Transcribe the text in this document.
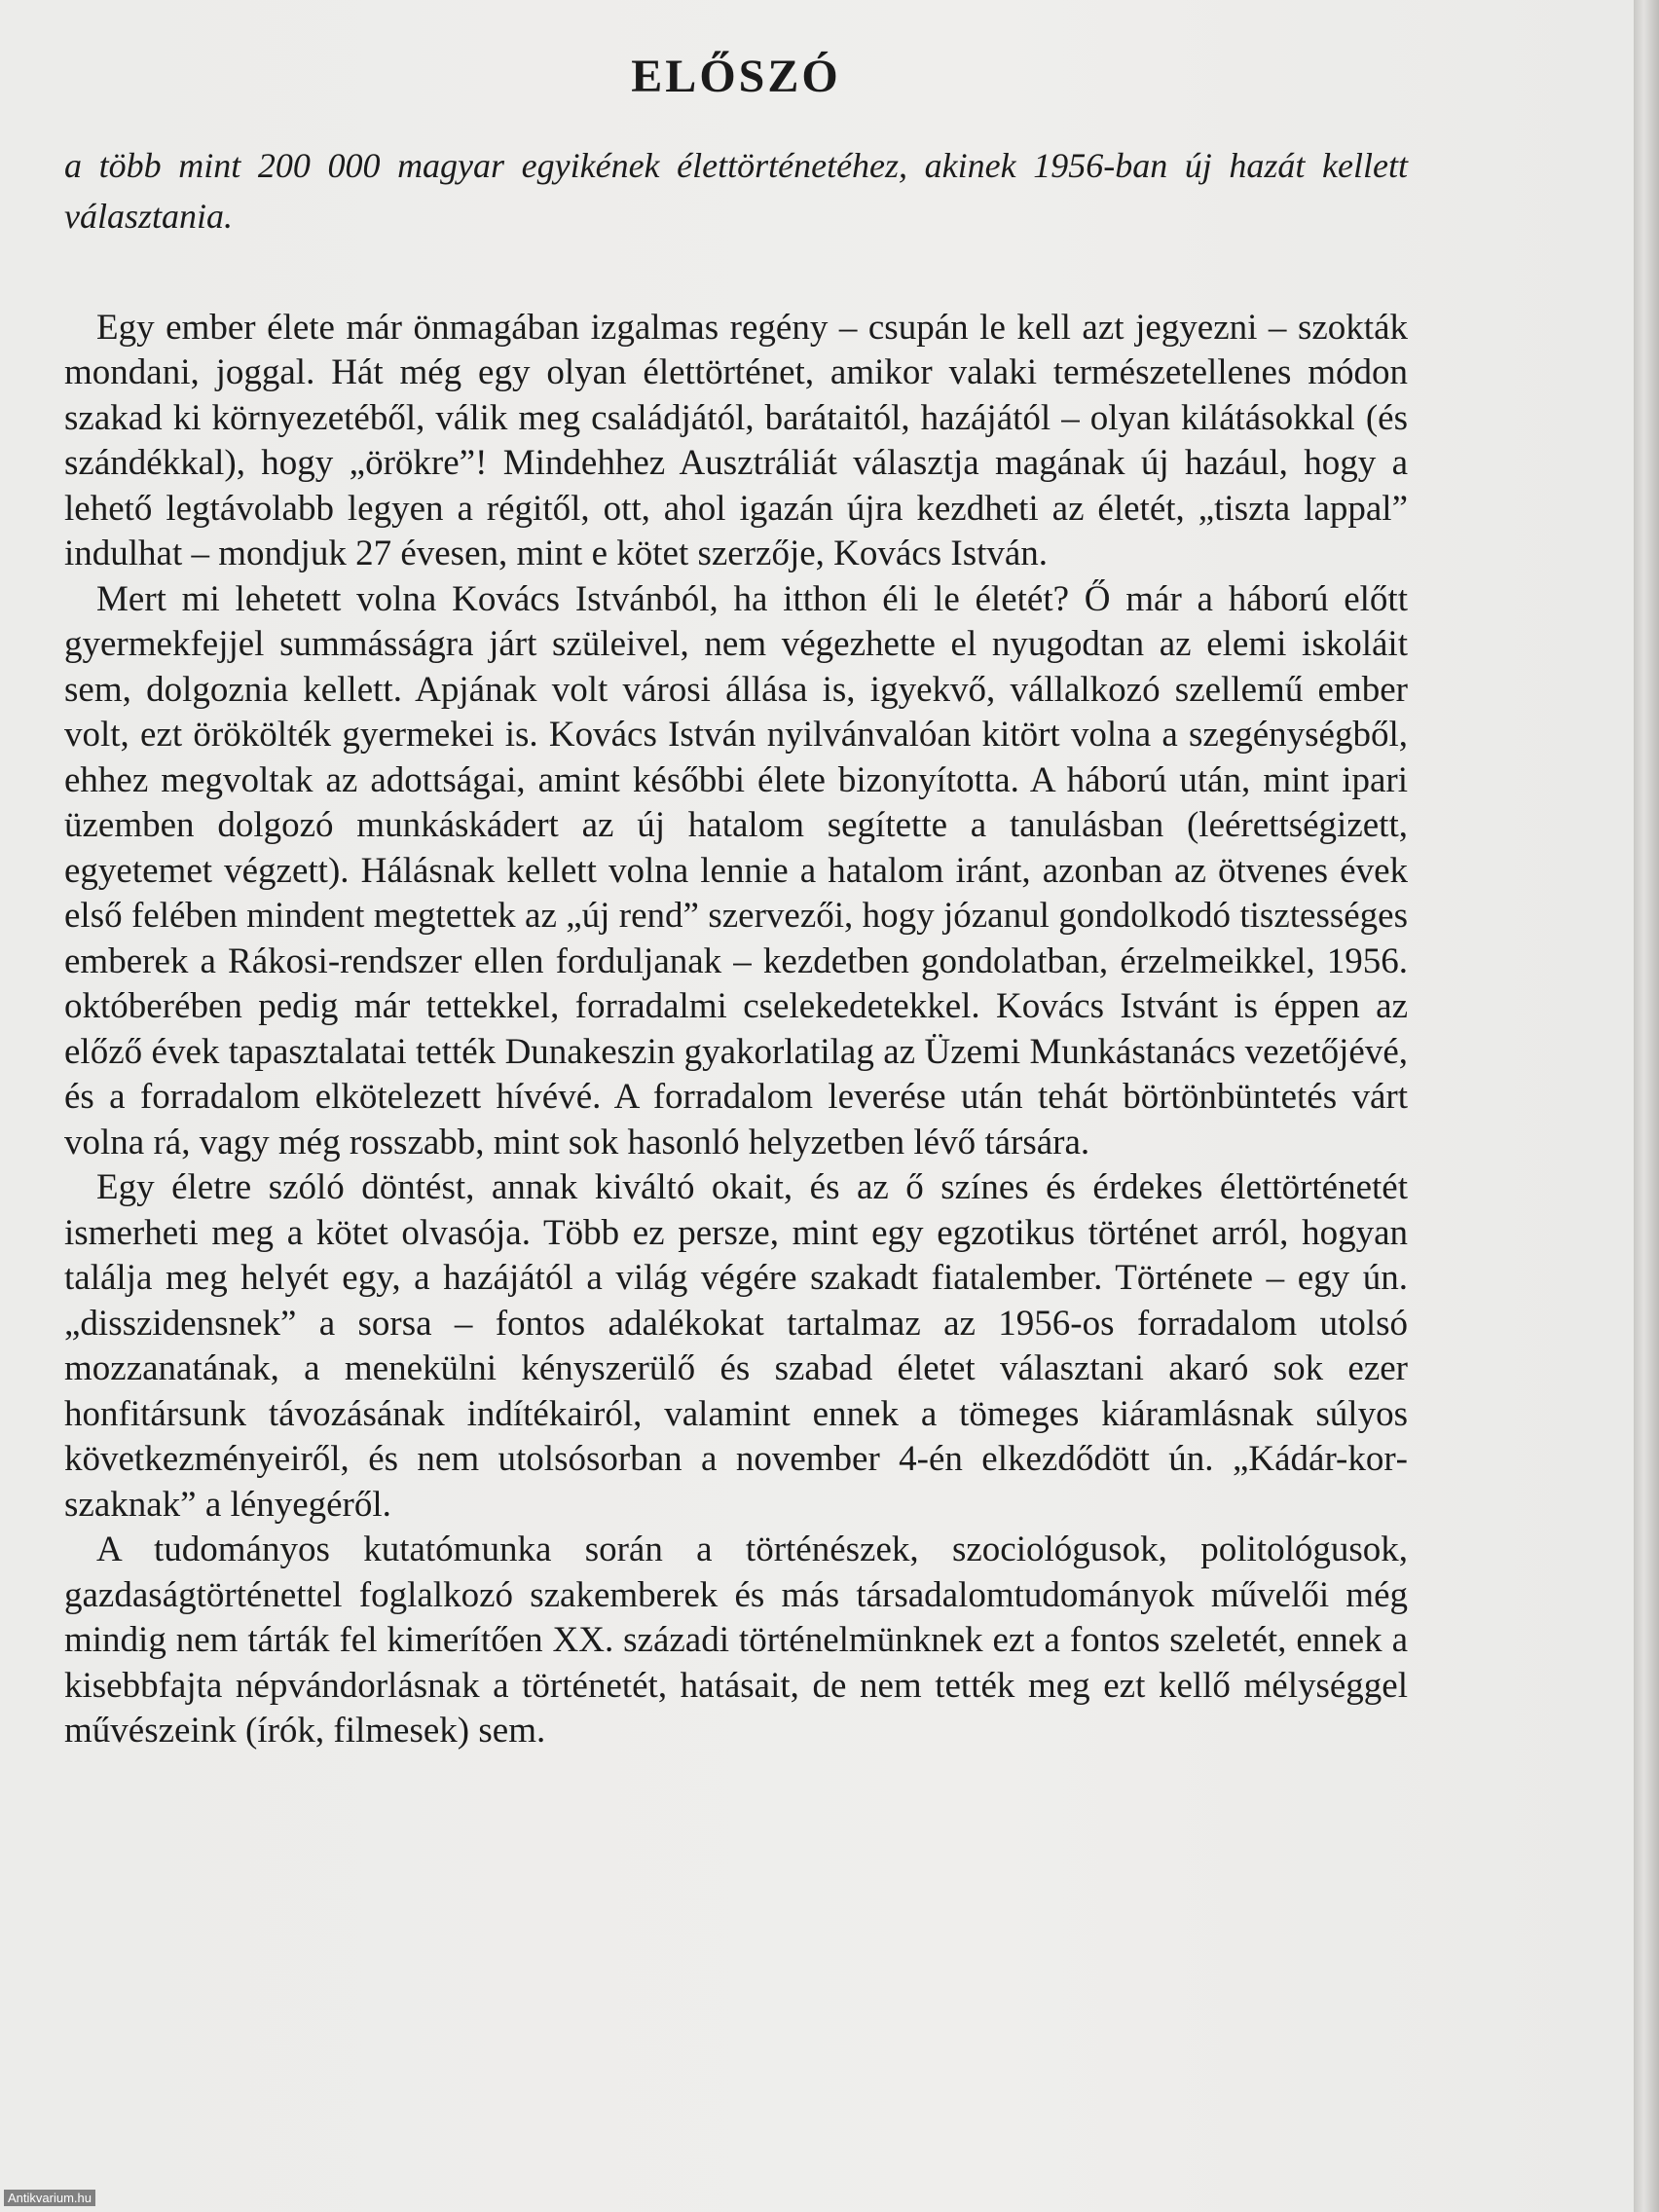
ELŐSZÓ

a több mint 200 000 magyar egyikének élettörténetéhez, akinek 1956-ban új hazát kellett választania.

Egy ember élete már önmagában izgalmas regény – csupán le kell azt jegyezni – szokták mondani, joggal. Hát még egy olyan élettörténet, amikor valaki természetellenes módon szakad ki környezetéből, válik meg családjától, barátaitól, hazájától – olyan kilátásokkal (és szándékkal), hogy „örökre”! Mindehhez Ausztráliát választja magának új hazául, hogy a lehető legtávolabb legyen a régitől, ott, ahol igazán újra kezdheti az életét, „tiszta lappal” indulhat – mondjuk 27 évesen, mint e kötet szerzője, Kovács István.

Mert mi lehetett volna Kovács Istvánból, ha itthon éli le életét? Ő már a háború előtt gyermekfejjel summásságra járt szüleivel, nem végezhette el nyugodtan az elemi iskoláit sem, dolgoznia kellett. Apjának volt városi állása is, igyekvő, vállalkozó szellemű ember volt, ezt örökölték gyermekei is. Kovács István nyilvánvalóan kitört volna a szegénységből, ehhez megvoltak az adottságai, amint későbbi élete bizonyította. A háború után, mint ipari üzemben dolgozó munkáskádert az új hatalom segítette a tanulásban (leérettségizett, egyetemet végzett). Hálásnak kellett volna lennie a hatalom iránt, azonban az ötvenes évek első felében mindent megtettek az „új rend” szervezői, hogy józanul gondolkodó tisztességes emberek a Rákosi-rendszer ellen forduljanak – kezdetben gondolatban, érzelmeikkel, 1956. októberében pedig már tettekkel, forradalmi cselekedetekkel. Kovács Istvánt is éppen az előző évek tapasztalatai tették Dunakeszin gyakorlatilag az Üzemi Munkástanács vezetőjévé, és a forradalom elkötelezett hívévé. A forradalom leverése után tehát börtönbüntetés várt volna rá, vagy még rosszabb, mint sok hasonló helyzetben lévő társára.

Egy életre szóló döntést, annak kiváltó okait, és az ő színes és érdekes élettörténetét ismerheti meg a kötet olvasója. Több ez persze, mint egy egzotikus történet arról, hogyan találja meg helyét egy, a hazájától a világ végére szakadt fiatalember. Története – egy ún. „disszidensnek” a sorsa – fontos adalékokat tartalmaz az 1956-os forradalom utolsó mozzanatának, a menekülni kényszerülő és szabad életet választani akaró sok ezer honfitársunk távozásának indítékairól, valamint ennek a tömeges kiáramlásnak súlyos következményeiről, és nem utolsósorban a november 4-én elkezdődött ún. „Kádár-korszaknak” a lényegéről.

A tudományos kutatómunka során a történészek, szociológusok, politológusok, gazdaságtörténettel foglalkozó szakemberek és más társadalomtudományok művelői még mindig nem tárták fel kimerítően XX. századi történelmünknek ezt a fontos szeletét, ennek a kisebbfajta népvándorlásnak a történetét, hatásait, de nem tették meg ezt kellő mélységgel művészeink (írók, filmesek) sem.

Antikvarium.hu
